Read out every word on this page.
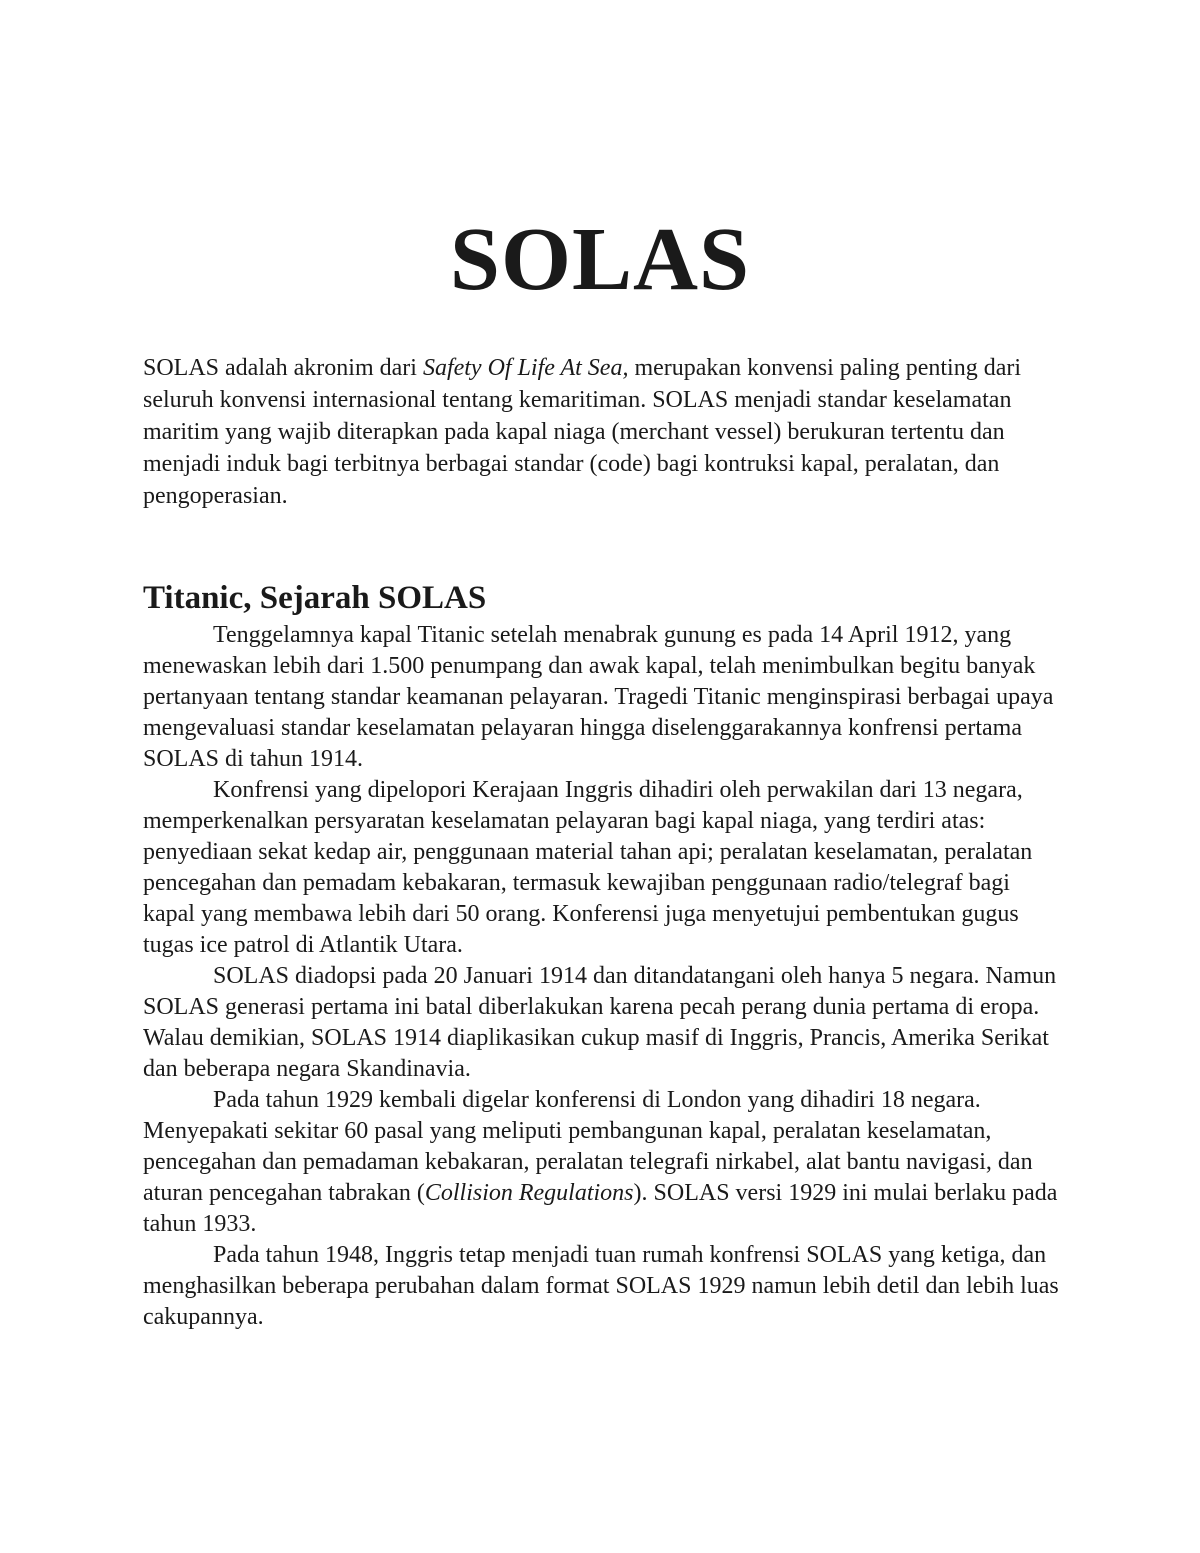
SOLAS

SOLAS adalah akronim dari Safety Of Life At Sea, merupakan konvensi paling penting dari seluruh konvensi internasional tentang kemaritiman. SOLAS menjadi standar keselamatan maritim yang wajib diterapkan pada kapal niaga (merchant vessel) berukuran tertentu dan menjadi induk bagi terbitnya berbagai standar (code) bagi kontruksi kapal, peralatan, dan pengoperasian.

Titanic, Sejarah SOLAS

Tenggelamnya kapal Titanic setelah menabrak gunung es pada 14 April 1912, yang menewaskan lebih dari 1.500 penumpang dan awak kapal, telah menimbulkan begitu banyak pertanyaan tentang standar keamanan pelayaran. Tragedi Titanic menginspirasi berbagai upaya mengevaluasi standar keselamatan pelayaran hingga diselenggarakannya konfrensi pertama SOLAS di tahun 1914.

Konfrensi yang dipelopori Kerajaan Inggris dihadiri oleh perwakilan dari 13 negara, memperkenalkan persyaratan keselamatan pelayaran bagi kapal niaga, yang terdiri atas: penyediaan sekat kedap air, penggunaan material tahan api; peralatan keselamatan, peralatan pencegahan dan pemadam kebakaran, termasuk kewajiban penggunaan radio/telegraf bagi kapal yang membawa lebih dari 50 orang. Konferensi juga menyetujui pembentukan gugus tugas ice patrol di Atlantik Utara.

SOLAS diadopsi pada 20 Januari 1914 dan ditandatangani oleh hanya 5 negara. Namun SOLAS generasi pertama ini batal diberlakukan karena pecah perang dunia pertama di eropa. Walau demikian, SOLAS 1914 diaplikasikan cukup masif di Inggris, Prancis, Amerika Serikat dan beberapa negara Skandinavia.

Pada tahun 1929 kembali digelar konferensi di London yang dihadiri 18 negara. Menyepakati sekitar 60 pasal yang meliputi pembangunan kapal, peralatan keselamatan, pencegahan dan pemadaman kebakaran, peralatan telegrafi nirkabel, alat bantu navigasi, dan aturan pencegahan tabrakan (Collision Regulations). SOLAS versi 1929 ini mulai berlaku pada tahun 1933.

Pada tahun 1948, Inggris tetap menjadi tuan rumah konfrensi SOLAS yang ketiga, dan menghasilkan beberapa perubahan dalam format SOLAS 1929 namun lebih detil dan lebih luas cakupannya.
